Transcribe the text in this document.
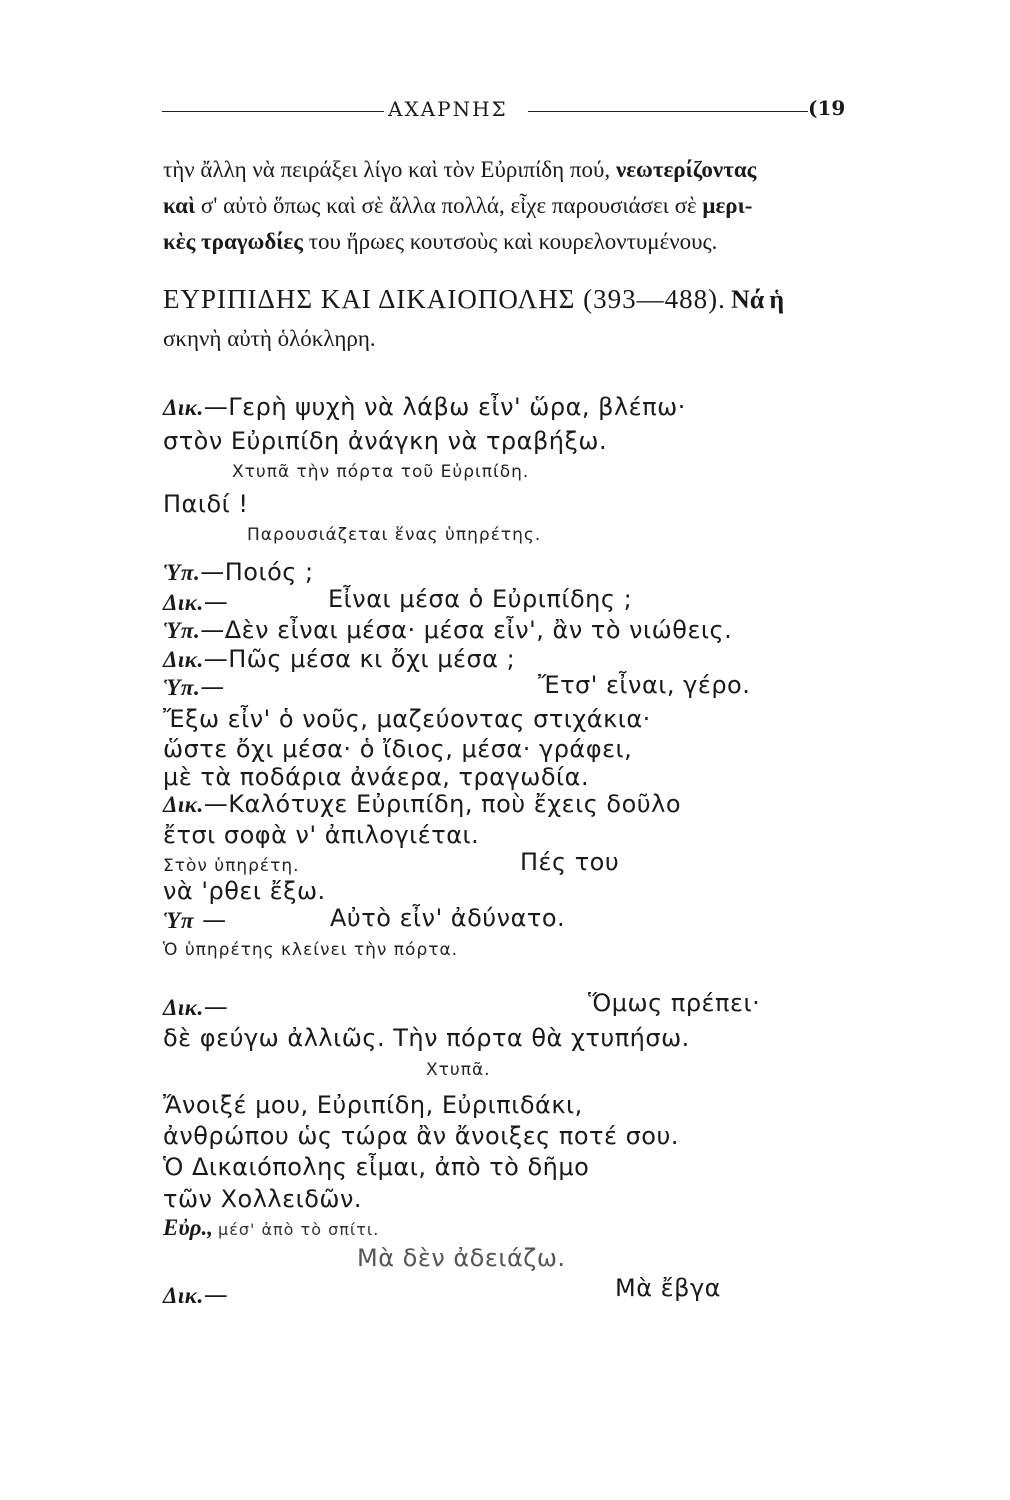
ΑΧΑΡΝΗΣ	(19
τὴν ἄλλη νὰ πειράξει λίγο καὶ τὸν Εὐριπίδη πού, νεωτερίζοντας
καὶ σ' αὐτὸ ὅπως καὶ σὲ ἄλλα πολλά, εἶχε παρουσιάσει σὲ μερι-
κὲς τραγωδίες του ἥρωες κουτσοὺς καὶ κουρελοντυμένους.
ΕΥΡΙΠΙΔΗΣ ΚΑΙ ΔΙΚΑΙΟΠΟΛΗΣ (393—488). Νά ἡ
σκηνὴ αὐτὴ ὁλόκληρη.
Δικ.—Γερὴ ψυχὴ νὰ λάβω εἶν' ὥρα, βλέπω·
στὸν Εὐριπίδη ἀνάγκη νὰ τραβήξω.
Χτυπᾶ τὴν πόρτα τοῦ Εὐριπίδη.
Παιδί !
Παρουσιάζεται ἕνας ὑπηρέτης.
Ὑπ.—Ποιός ;
Δικ.—	Εἶναι μέσα ὁ Εὐριπίδης ;
Ὑπ.—Δὲν εἶναι μέσα· μέσα εἶν', ἂν τὸ νιώθεις.
Δικ.—Πῶς μέσα κι ὄχι μέσα ;
Ὑπ.—	Ἔτσ' εἶναι, γέρο.
Ἔξω εἶν' ὁ νοῦς, μαζεύοντας στιχάκια·
ὥστε ὄχι μέσα· ὁ ἴδιος, μέσα· γράφει,
μὲ τὰ ποδάρια ἀνάερα, τραγωδία.
Δικ.—Καλότυχε Εὐριπίδη, ποὺ ἔχεις δοῦλο
ἔτσι σοφὰ ν' ἀπιλογιέται.
Στὸν ὑπηρέτη.	Πές του
νὰ 'ρθει ἔξω.
Ὑπ —	Αὐτὸ εἶν' ἀδύνατο.
Ὁ ὑπηρέτης κλείνει τὴν πόρτα.
Δικ.—	Ὅμως πρέπει·
δὲ φεύγω ἀλλιῶς. Τὴν πόρτα θὰ χτυπήσω.
Χτυπᾶ.
Ἄνοιξέ μου, Εὐριπίδη, Εὐριπιδάκι,
ἀνθρώπου ὡς τώρα ἂν ἄνοιξες ποτέ σου.
Ὁ Δικαιόπολης εἶμαι, ἀπὸ τὸ δῆμο
τῶν Χολλειδῶν.
Εὐρ., μέσ' ἀπὸ τὸ σπίτι.
Μὰ δὲν ἀδειάζω.
Δικ.—	Μὰ ἔβγα
